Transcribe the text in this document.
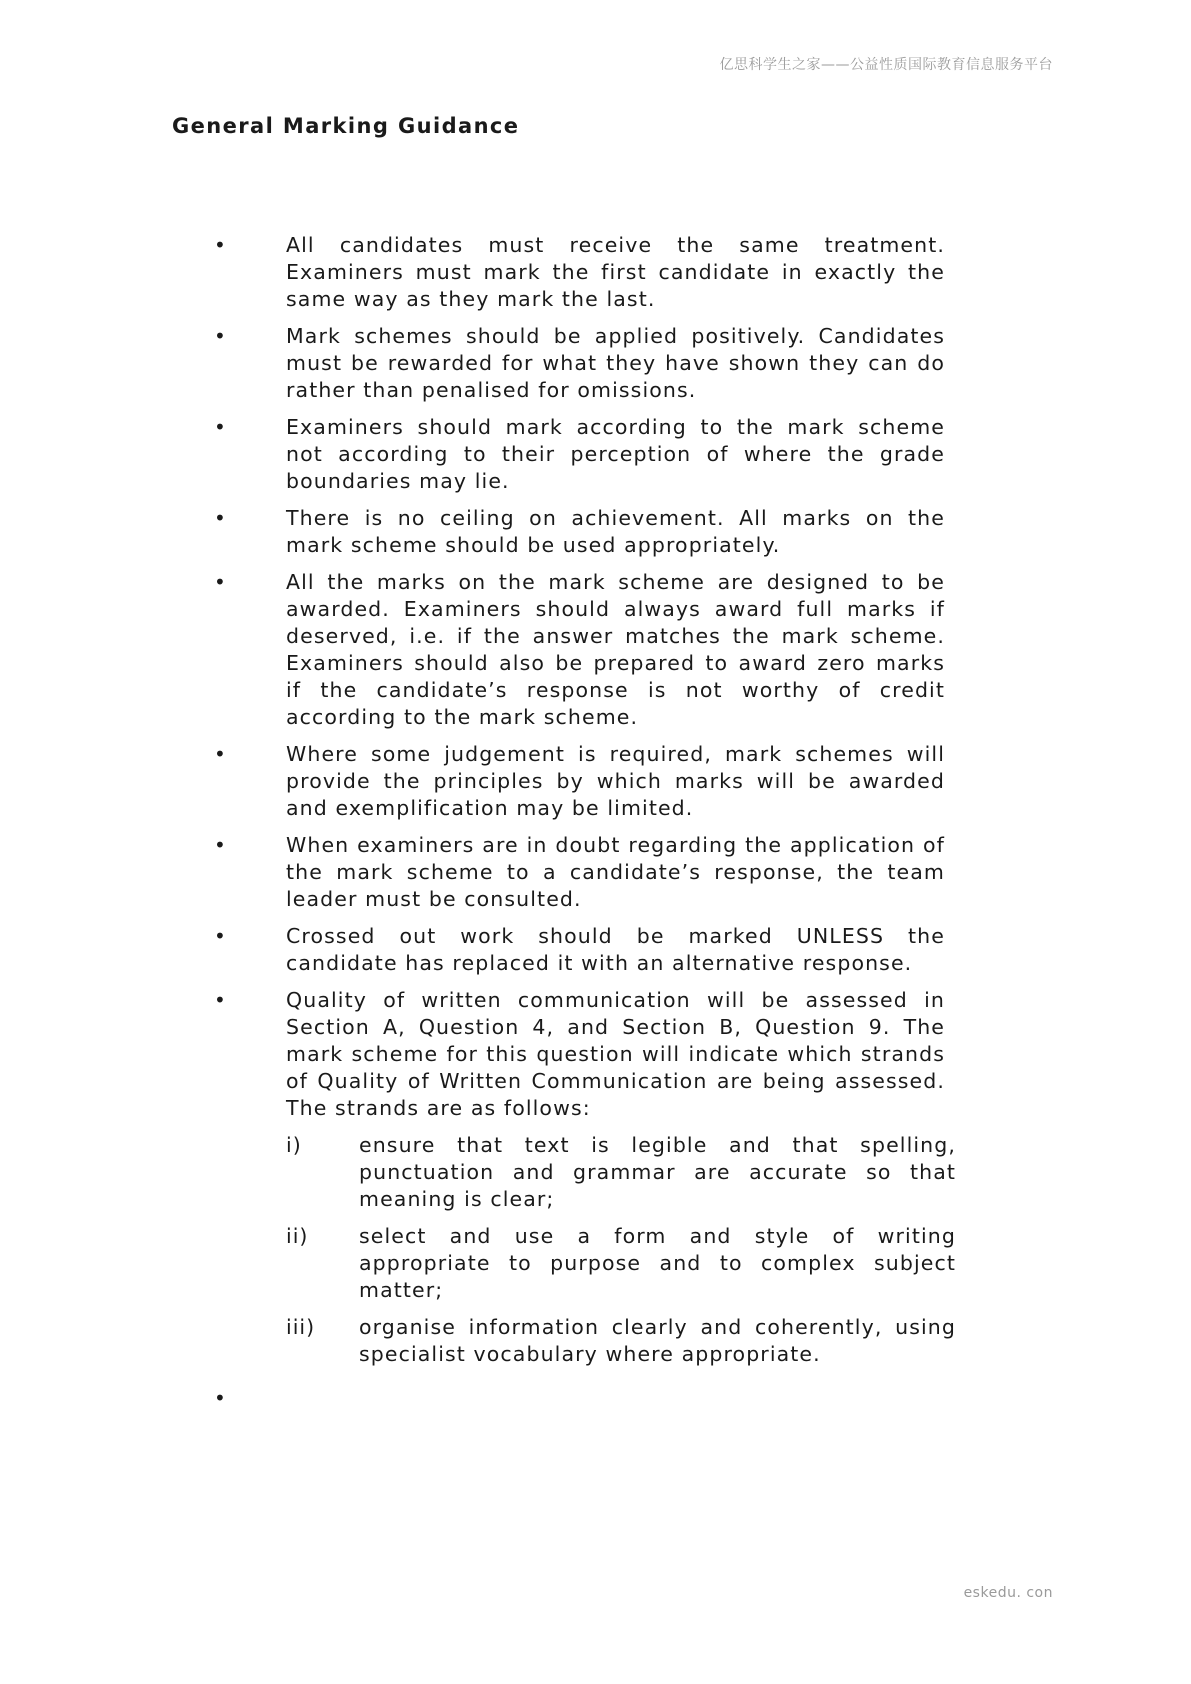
亿思科学生之家——公益性质国际教育信息服务平台
General Marking Guidance
•	All candidates must receive the same treatment. Examiners must mark the first candidate in exactly the same way as they mark the last.
•	Mark schemes should be applied positively. Candidates must be rewarded for what they have shown they can do rather than penalised for omissions.
•	Examiners should mark according to the mark scheme not according to their perception of where the grade boundaries may lie.
•	There is no ceiling on achievement. All marks on the mark scheme should be used appropriately.
•	All the marks on the mark scheme are designed to be awarded. Examiners should always award full marks if deserved, i.e. if the answer matches the mark scheme. Examiners should also be prepared to award zero marks if the candidate’s response is not worthy of credit according to the mark scheme.
•	Where some judgement is required, mark schemes will provide the principles by which marks will be awarded and exemplification may be limited.
•	When examiners are in doubt regarding the application of the mark scheme to a candidate’s response, the team leader must be consulted.
•	Crossed out work should be marked UNLESS the candidate has replaced it with an alternative response.
•	Quality of written communication will be assessed in Section A, Question 4, and Section B, Question 9. The mark scheme for this question will indicate which strands of Quality of Written Communication are being assessed. The strands are as follows:
i)	ensure that text is legible and that spelling, punctuation and grammar are accurate so that meaning is clear;
ii) select and use a form and style of writing appropriate to purpose and to complex subject matter;
iii) organise information clearly and coherently, using specialist vocabulary where appropriate.
•
eskedu. con
